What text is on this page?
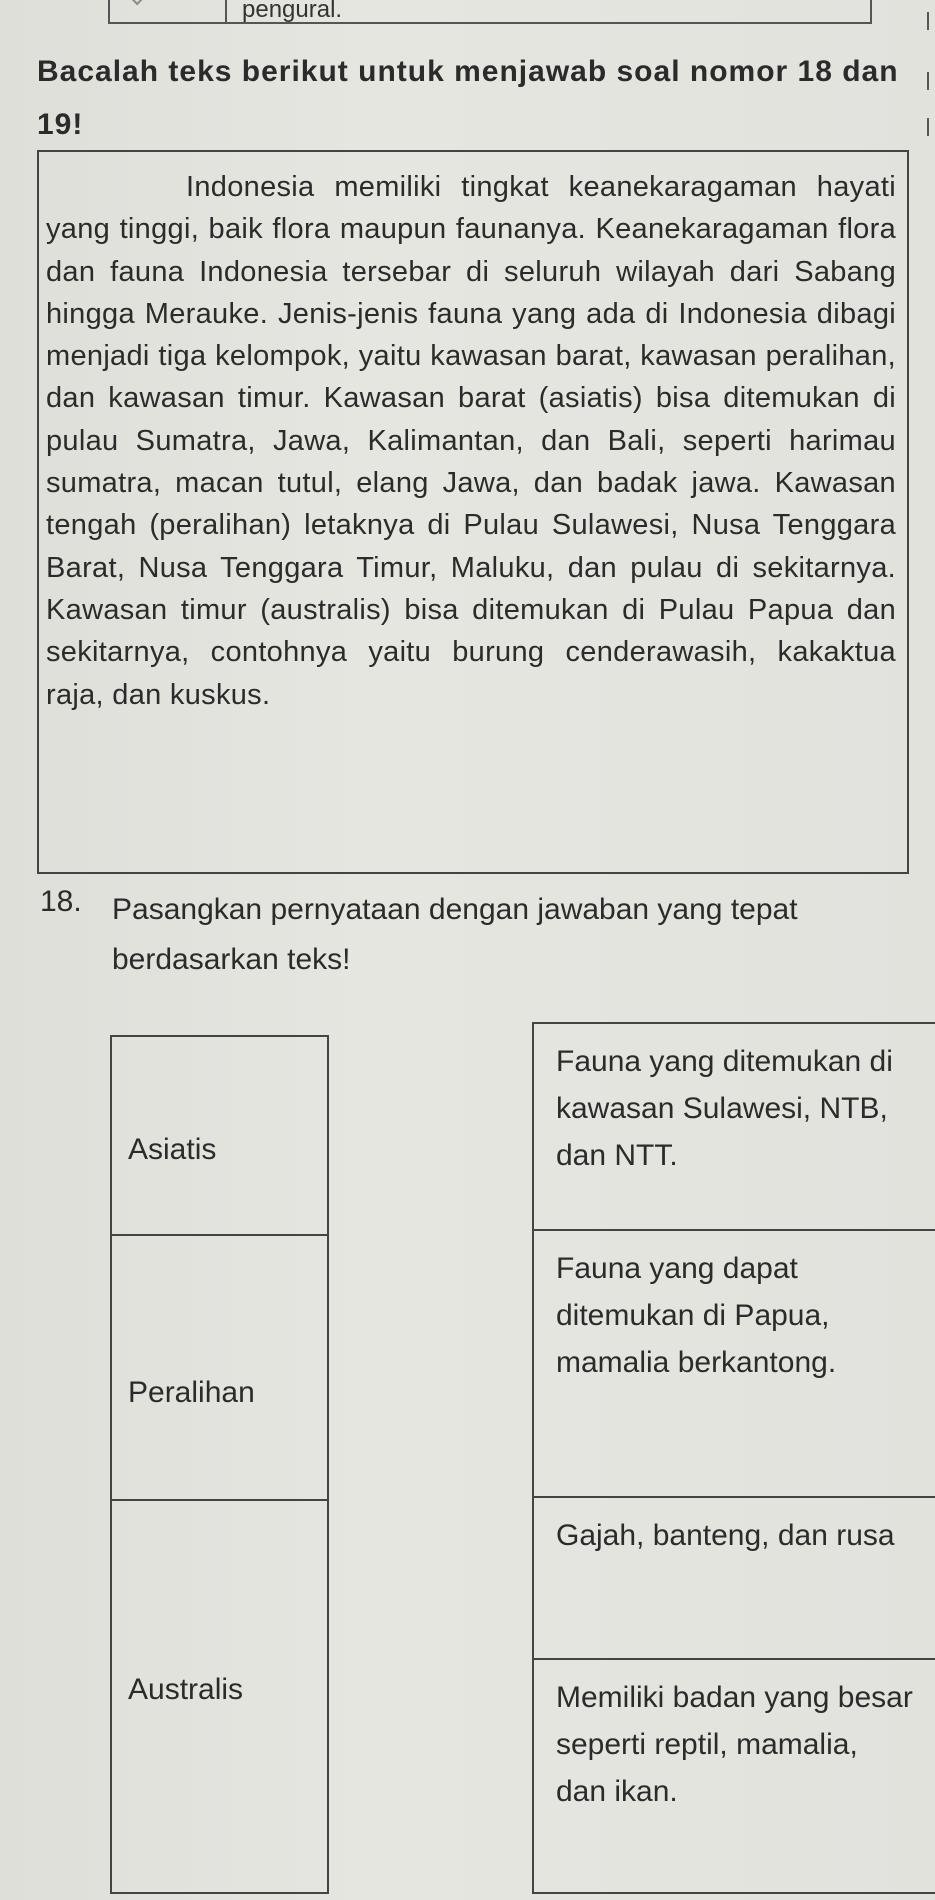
pengural.
Bacalah teks berikut untuk menjawab soal nomor 18 dan 19!
Indonesia memiliki tingkat keanekaragaman hayati yang tinggi, baik flora maupun faunanya. Keanekaragaman flora dan fauna Indonesia tersebar di seluruh wilayah dari Sabang hingga Merauke. Jenis-jenis fauna yang ada di Indonesia dibagi menjadi tiga kelompok, yaitu kawasan barat, kawasan peralihan, dan kawasan timur. Kawasan barat (asiatis) bisa ditemukan di pulau Sumatra, Jawa, Kalimantan, dan Bali, seperti harimau sumatra, macan tutul, elang Jawa, dan badak jawa. Kawasan tengah (peralihan) letaknya di Pulau Sulawesi, Nusa Tenggara Barat, Nusa Tenggara Timur, Maluku, dan pulau di sekitarnya. Kawasan timur (australis) bisa ditemukan di Pulau Papua dan sekitarnya, contohnya yaitu burung cenderawasih, kakaktua raja, dan kuskus.
18. Pasangkan pernyataan dengan jawaban yang tepat berdasarkan teks!
Asiatis
Peralihan
Australis
Fauna yang ditemukan di kawasan Sulawesi, NTB, dan NTT.
Fauna yang dapat ditemukan di Papua, mamalia berkantong.
Gajah, banteng, dan rusa
Memiliki badan yang besar seperti reptil, mamalia, dan ikan.
